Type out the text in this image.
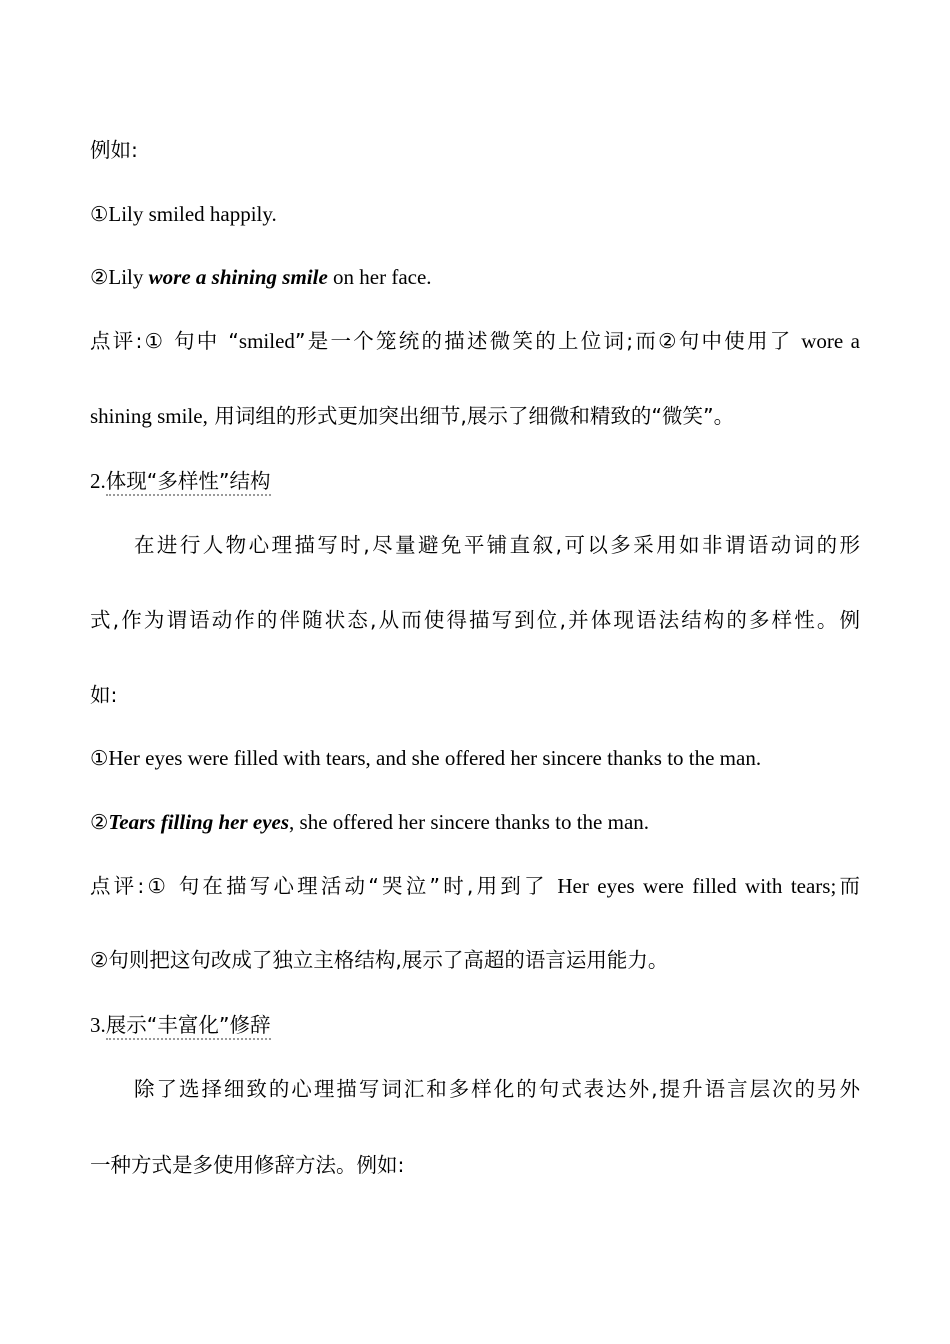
例如:
①Lily smiled happily.
②Lily wore a shining smile on her face.
点评:① 句中 “smiled”是一个笼统的描述微笑的上位词;而②句中使用了 wore a
shining smile, 用词组的形式更加突出细节,展示了细微和精致的“微笑”。
2.体现“多样性”结构
在进行人物心理描写时,尽量避免平铺直叙,可以多采用如非谓语动词的形
式,作为谓语动作的伴随状态,从而使得描写到位,并体现语法结构的多样性。例
如:
①Her eyes were filled with tears, and she offered her sincere thanks to the man.
②Tears filling her eyes, she offered her sincere thanks to the man.
点评:① 句在描写心理活动“哭泣”时,用到了 Her eyes were filled with tears;而
②句则把这句改成了独立主格结构,展示了高超的语言运用能力。
3.展示“丰富化”修辞
除了选择细致的心理描写词汇和多样化的句式表达外,提升语言层次的另外
一种方式是多使用修辞方法。例如:
